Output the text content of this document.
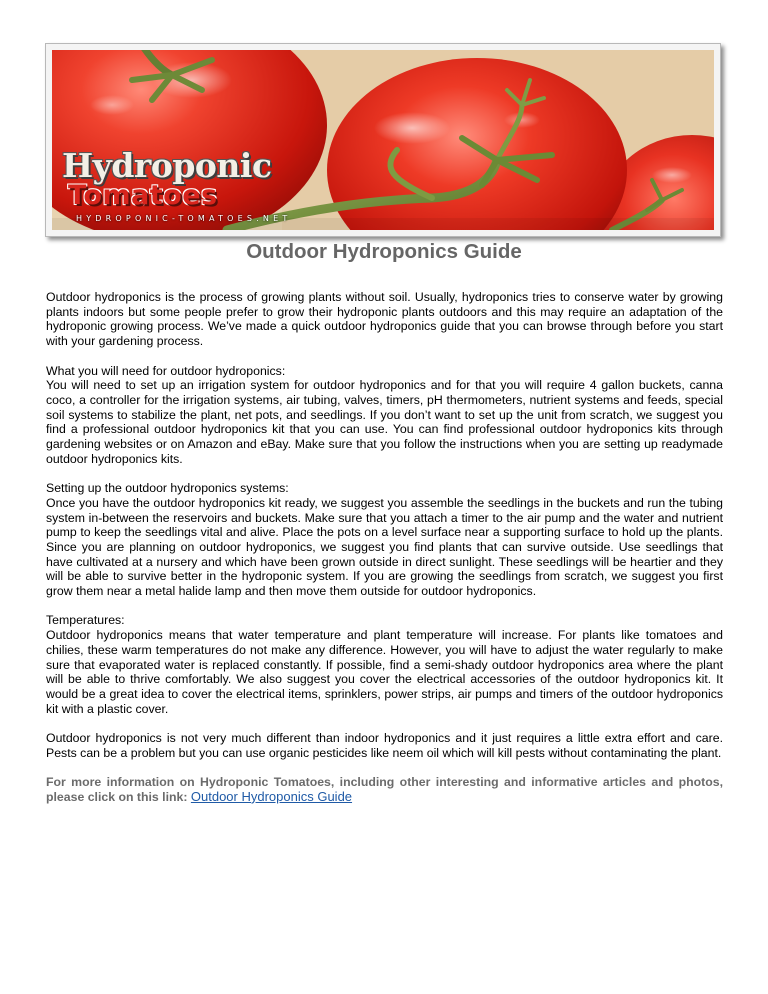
Hydroponic
Tomatoes
HYDROPONIC-TOMATOES.NET
Outdoor Hydroponics Guide

Outdoor hydroponics is the process of growing plants without soil. Usually, hydroponics tries to conserve water by growing plants indoors but some people prefer to grow their hydroponic plants outdoors and this may require an adaptation of the hydroponic growing process. We’ve made a quick outdoor hydroponics guide that you can browse through before you start with your gardening process.

What you will need for outdoor hydroponics:
You will need to set up an irrigation system for outdoor hydroponics and for that you will require 4 gallon buckets, canna coco, a controller for the irrigation systems, air tubing, valves, timers, pH thermometers, nutrient systems and feeds, special soil systems to stabilize the plant, net pots, and seedlings. If you don’t want to set up the unit from scratch, we suggest you find a professional outdoor hydroponics kit that you can use. You can find professional outdoor hydroponics kits through gardening websites or on Amazon and eBay. Make sure that you follow the instructions when you are setting up readymade outdoor hydroponics kits.

Setting up the outdoor hydroponics systems:
Once you have the outdoor hydroponics kit ready, we suggest you assemble the seedlings in the buckets and run the tubing system in-between the reservoirs and buckets. Make sure that you attach a timer to the air pump and the water and nutrient pump to keep the seedlings vital and alive. Place the pots on a level surface near a supporting surface to hold up the plants. Since you are planning on outdoor hydroponics, we suggest you find plants that can survive outside. Use seedlings that have cultivated at a nursery and which have been grown outside in direct sunlight. These seedlings will be heartier and they will be able to survive better in the hydroponic system. If you are growing the seedlings from scratch, we suggest you first grow them near a metal halide lamp and then move them outside for outdoor hydroponics.

Temperatures:
Outdoor hydroponics means that water temperature and plant temperature will increase. For plants like tomatoes and chilies, these warm temperatures do not make any difference. However, you will have to adjust the water regularly to make sure that evaporated water is replaced constantly. If possible, find a semi-shady outdoor hydroponics area where the plant will be able to thrive comfortably. We also suggest you cover the electrical accessories of the outdoor hydroponics kit. It would be a great idea to cover the electrical items, sprinklers, power strips, air pumps and timers of the outdoor hydroponics kit with a plastic cover.

Outdoor hydroponics is not very much different than indoor hydroponics and it just requires a little extra effort and care. Pests can be a problem but you can use organic pesticides like neem oil which will kill pests without contaminating the plant.

For more information on Hydroponic Tomatoes, including other interesting and informative articles and photos, please click on this link: Outdoor Hydroponics Guide
